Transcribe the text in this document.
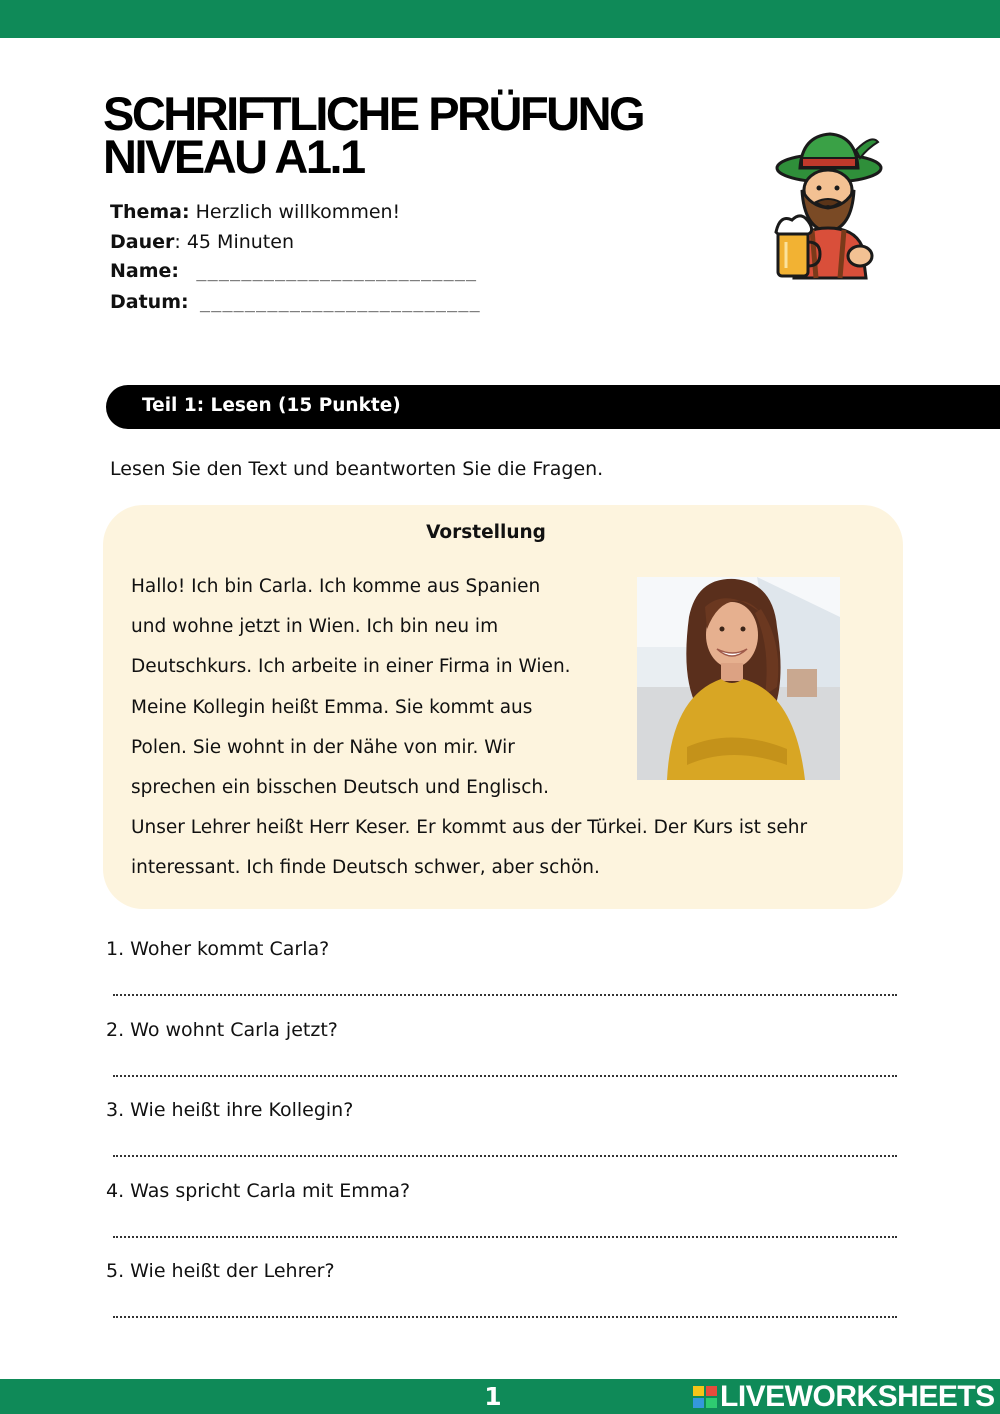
SCHRIFTLICHE PRÜFUNG
NIVEAU A1.1
Thema: Herzlich willkommen!
Dauer: 45 Minuten
Name:  _________________________
Datum: _________________________
Teil 1: Lesen (15 Punkte)
Lesen Sie den Text und beantworten Sie die Fragen.
Vorstellung
Hallo! Ich bin Carla. Ich komme aus Spanien
und wohne jetzt in Wien. Ich bin neu im
Deutschkurs. Ich arbeite in einer Firma in Wien.
Meine Kollegin heißt Emma. Sie kommt aus
Polen. Sie wohnt in der Nähe von mir. Wir
sprechen ein bisschen Deutsch und Englisch.
Unser Lehrer heißt Herr Keser. Er kommt aus der Türkei. Der Kurs ist sehr
interessant. Ich finde Deutsch schwer, aber schön.
1. Woher kommt Carla?
2. Wo wohnt Carla jetzt?
3. Wie heißt ihre Kollegin?
4. Was spricht Carla mit Emma?
5. Wie heißt der Lehrer?
1	LIVEWORKSHEETS
